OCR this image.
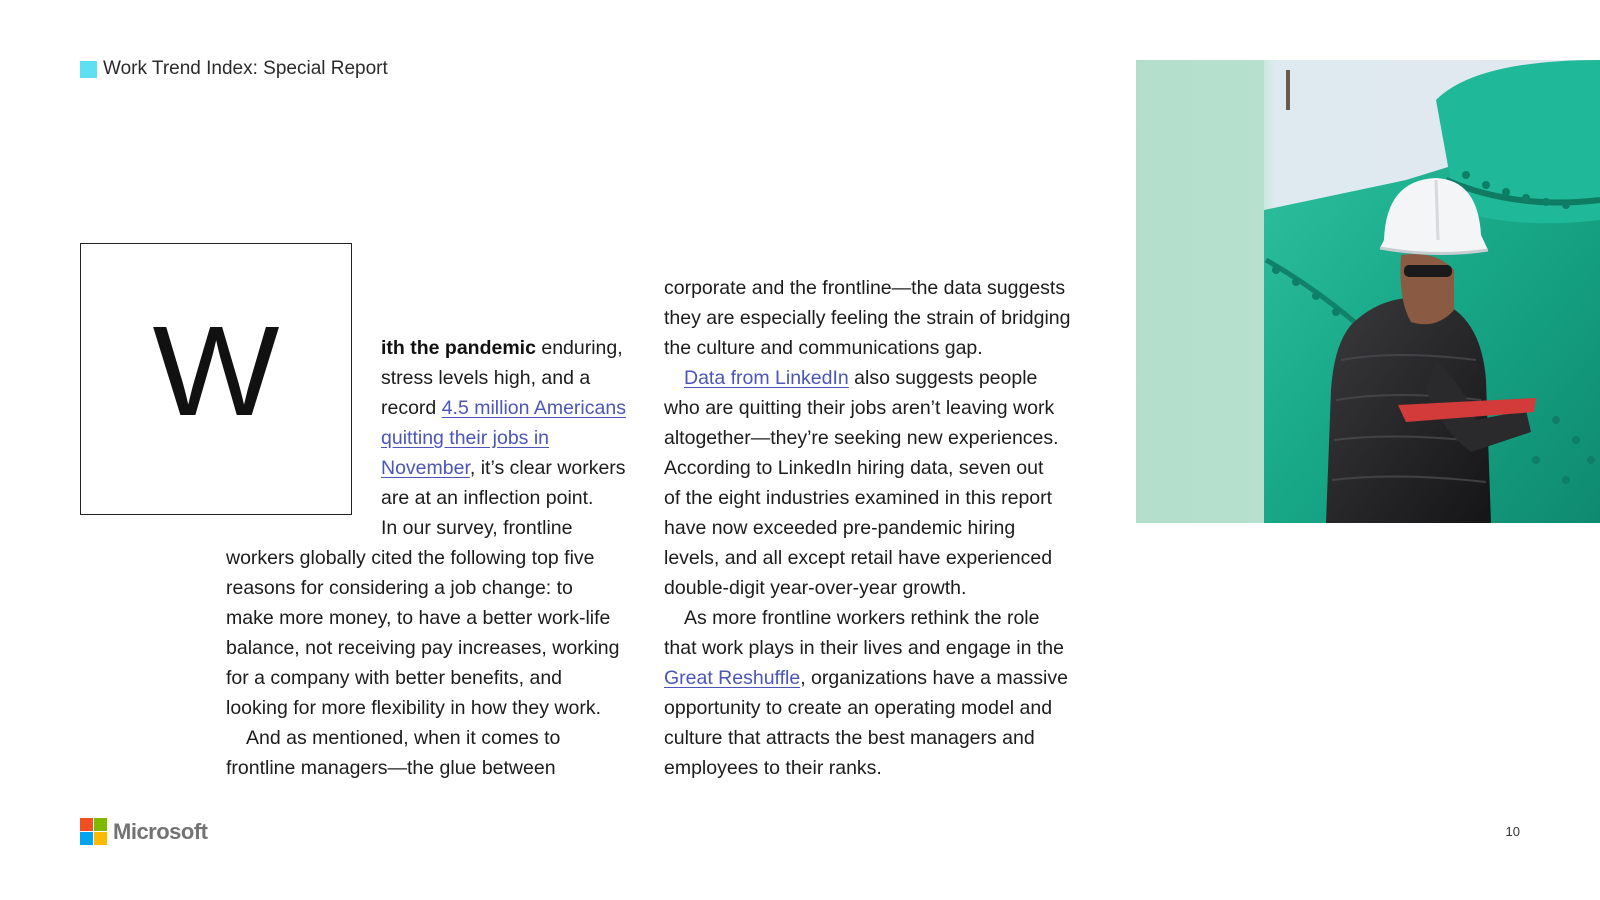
Work Trend Index: Special Report
W	ith the pandemic enduring,
stress levels high, and a
record 4.5 million Americans
quitting their jobs in
November, it’s clear workers
are at an inflection point.
In our survey, frontline
workers globally cited the following top five
reasons for considering a job change: to
make more money, to have a better work-life
balance, not receiving pay increases, working
for a company with better benefits, and
looking for more flexibility in how they work.
And as mentioned, when it comes to
frontline managers—the glue between
corporate and the frontline—the data suggests
they are especially feeling the strain of bridging
the culture and communications gap.
Data from LinkedIn also suggests people
who are quitting their jobs aren’t leaving work
altogether—they’re seeking new experiences.
According to LinkedIn hiring data, seven out
of the eight industries examined in this report
have now exceeded pre-pandemic hiring
levels, and all except retail have experienced
double-digit year-over-year growth.
As more frontline workers rethink the role
that work plays in their lives and engage in the
Great Reshuffle, organizations have a massive
opportunity to create an operating model and
culture that attracts the best managers and
employees to their ranks.
Microsoft	10
